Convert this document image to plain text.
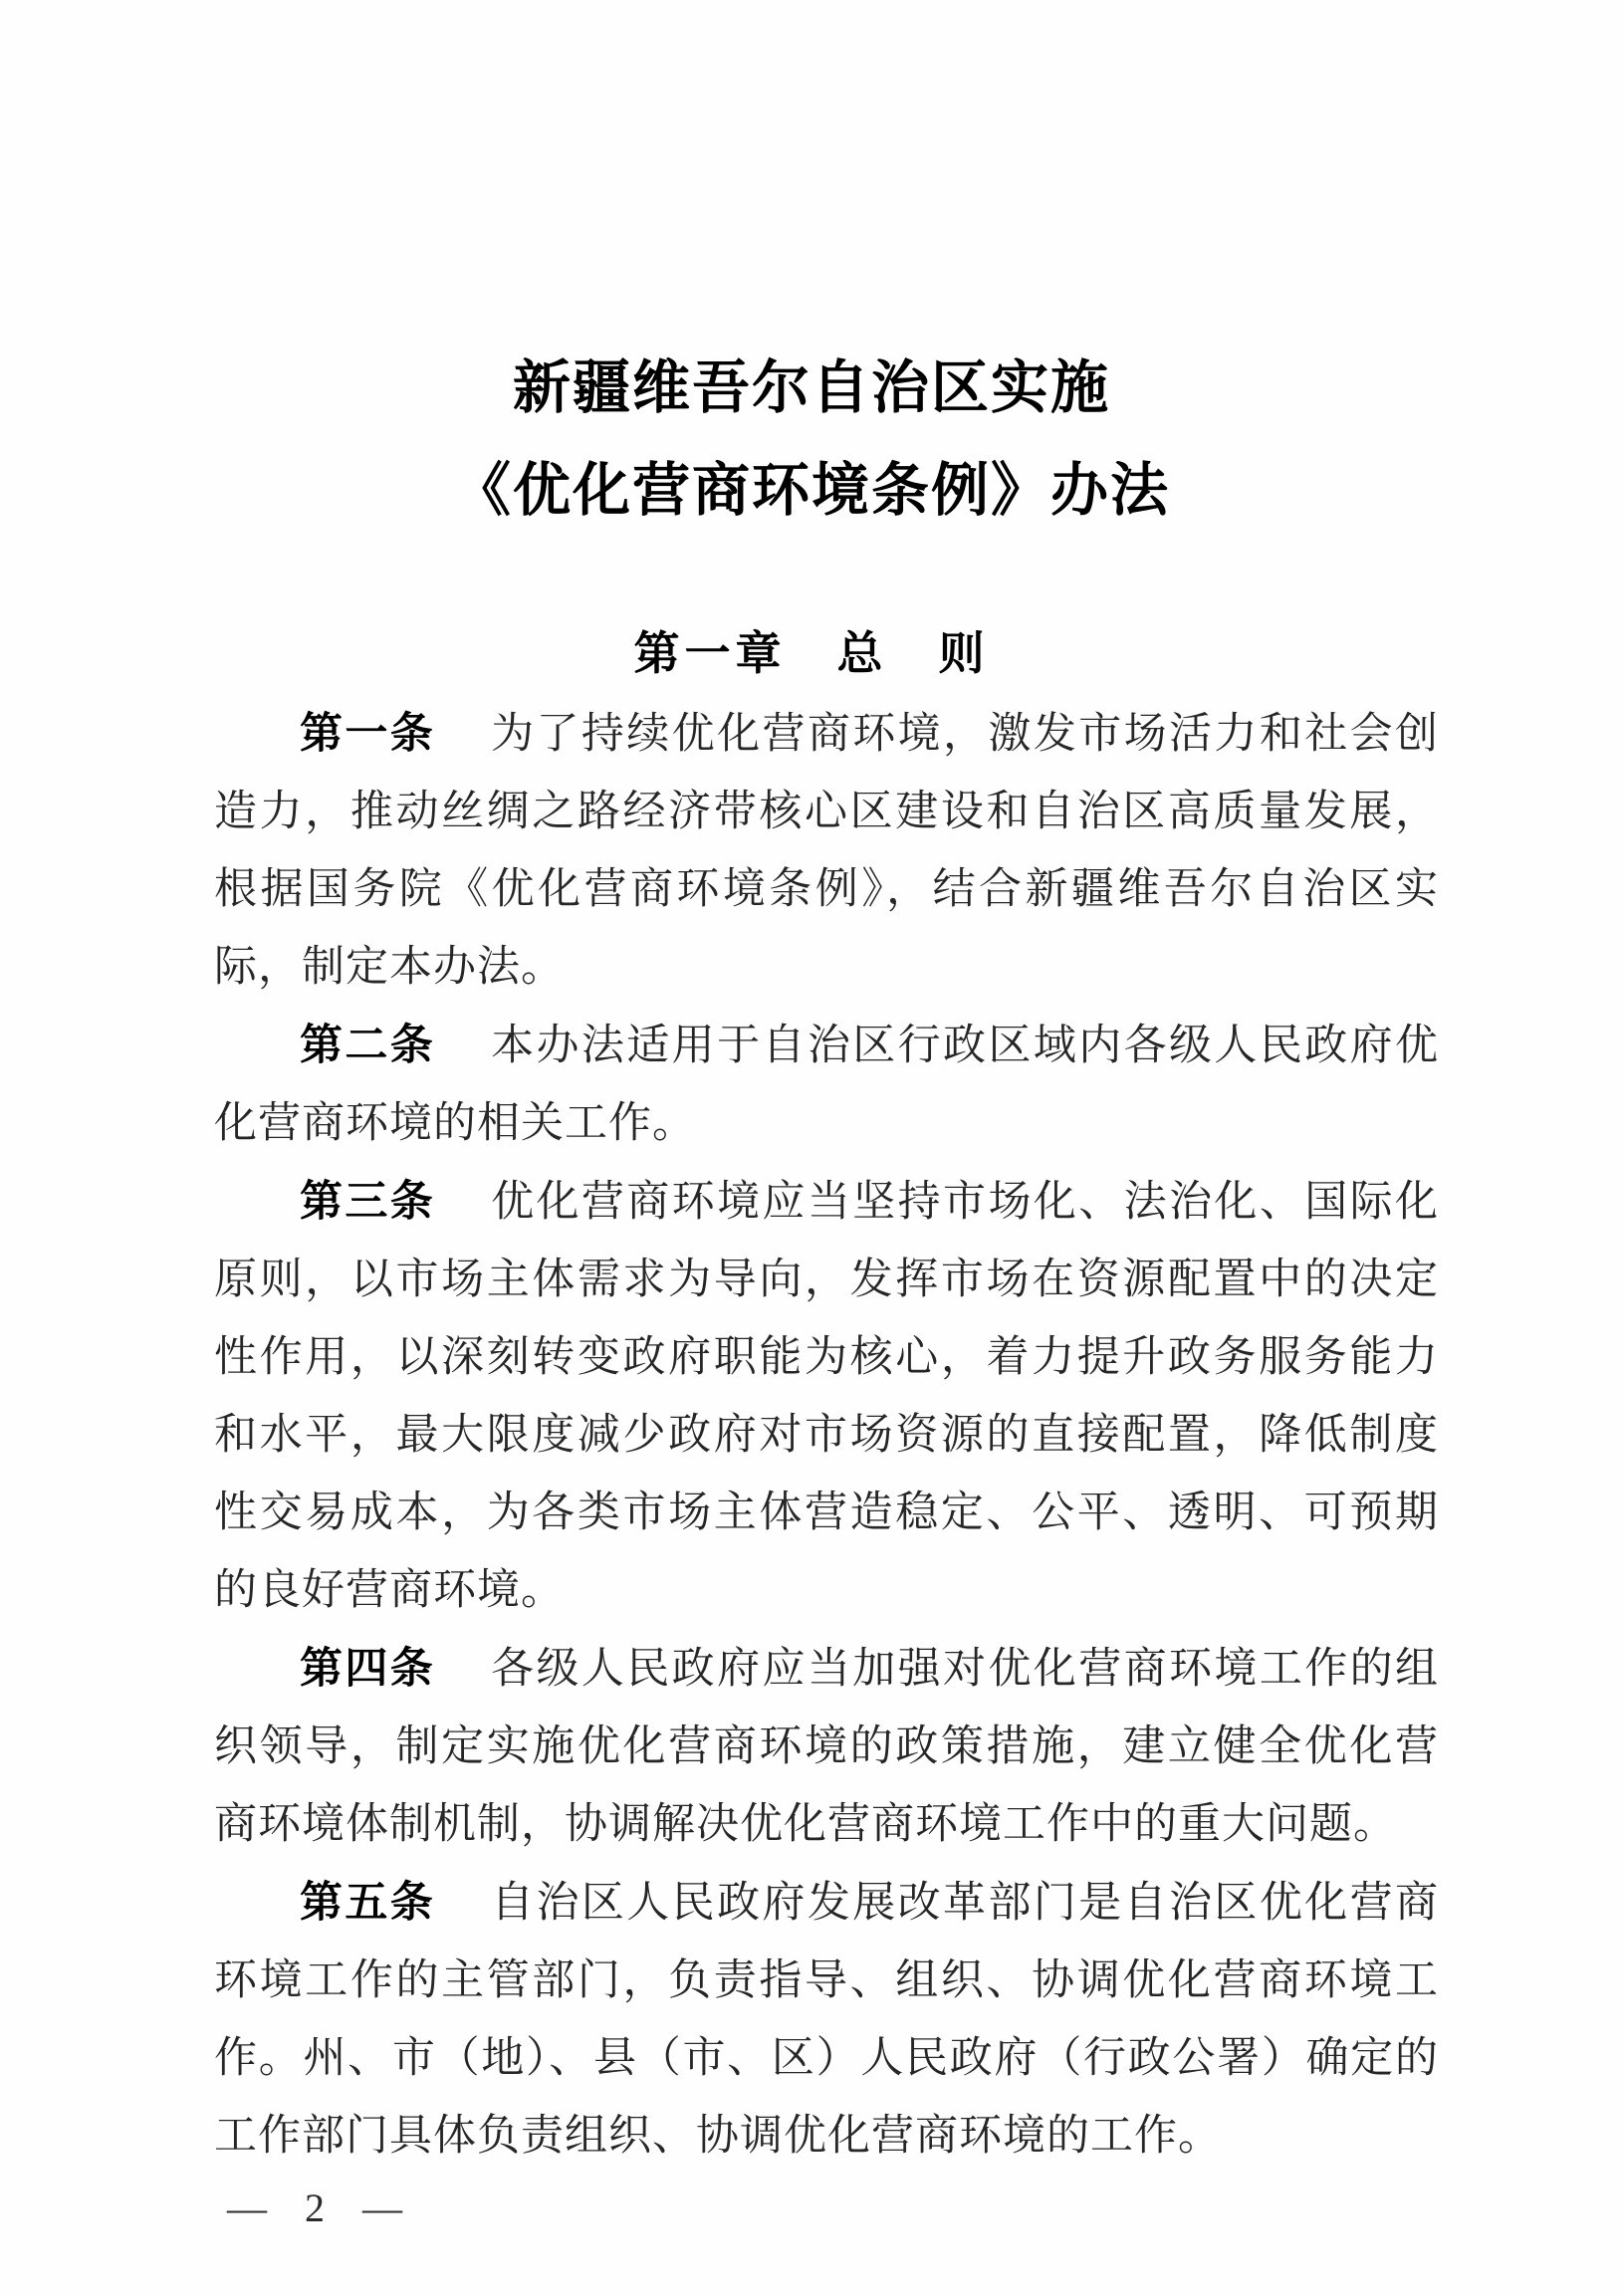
新疆维吾尔自治区实施
《优化营商环境条例》办法
第一章　总　则

第一条 为了持续优化营商环境，激发市场活力和社会创造力，推动丝绸之路经济带核心区建设和自治区高质量发展，根据国务院《优化营商环境条例》，结合新疆维吾尔自治区实际，制定本办法。

第二条 本办法适用于自治区行政区域内各级人民政府优化营商环境的相关工作。

第三条 优化营商环境应当坚持市场化、法治化、国际化原则，以市场主体需求为导向，发挥市场在资源配置中的决定性作用，以深刻转变政府职能为核心，着力提升政务服务能力和水平，最大限度减少政府对市场资源的直接配置，降低制度性交易成本，为各类市场主体营造稳定、公平、透明、可预期的良好营商环境。

第四条 各级人民政府应当加强对优化营商环境工作的组织领导，制定实施优化营商环境的政策措施，建立健全优化营商环境体制机制，协调解决优化营商环境工作中的重大问题。

第五条 自治区人民政府发展改革部门是自治区优化营商环境工作的主管部门，负责指导、组织、协调优化营商环境工作。州、市（地）、县（市、区）人民政府（行政公署）确定的工作部门具体负责组织、协调优化营商环境的工作。

— 2 —
